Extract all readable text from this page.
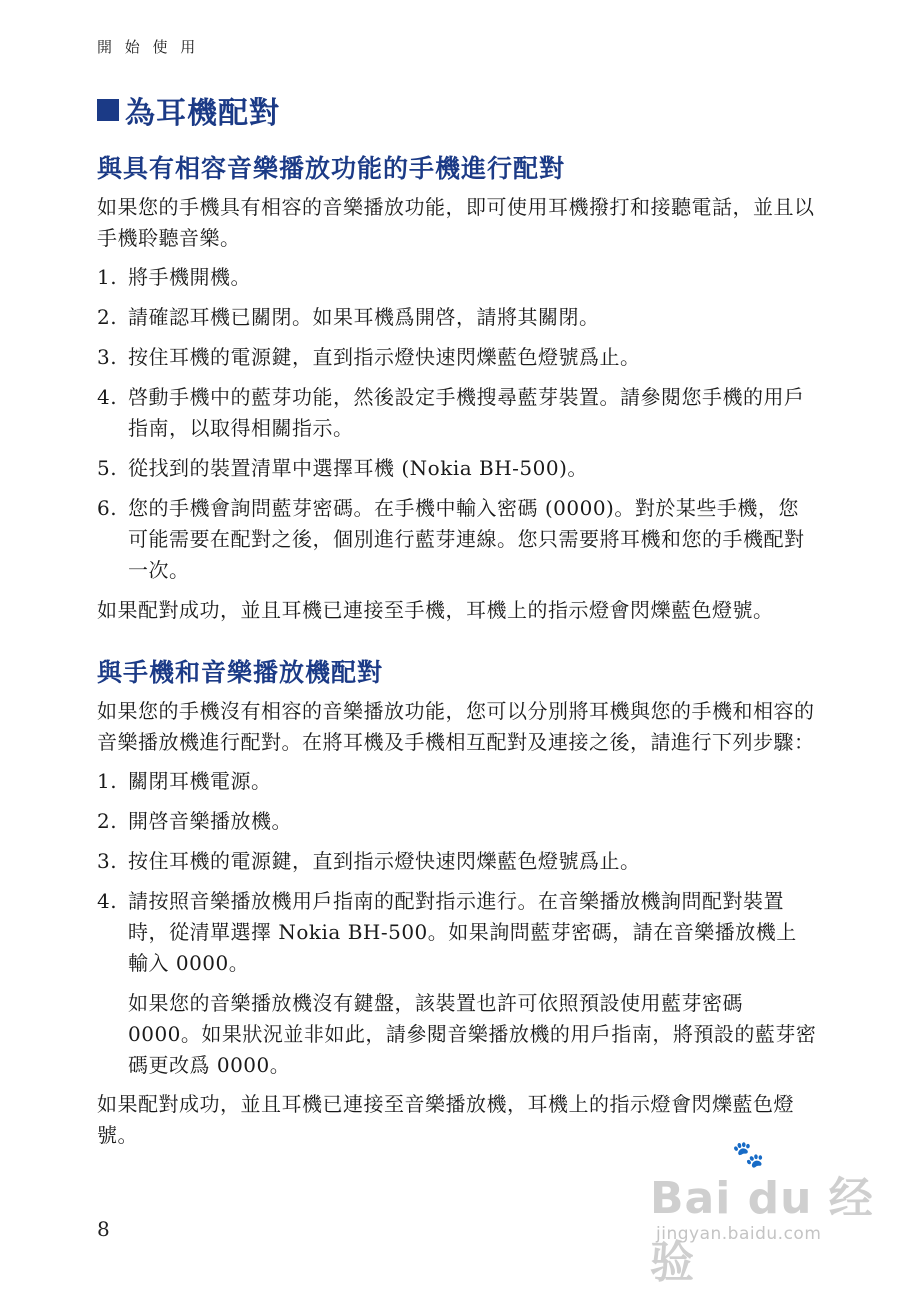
開 始 使 用
為耳機配對
與具有相容音樂播放功能的手機進行配對

如果您的手機具有相容的音樂播放功能，即可使用耳機撥打和接聽電話，並且以手機聆聽音樂。

1. 將手機開機。
2. 請確認耳機已關閉。如果耳機爲開啓，請將其關閉。
3. 按住耳機的電源鍵，直到指示燈快速閃爍藍色燈號爲止。
4. 啓動手機中的藍芽功能，然後設定手機搜尋藍芽裝置。請參閱您手機的用戶指南，以取得相關指示。
5. 從找到的裝置清單中選擇耳機 (Nokia BH-500)。
6. 您的手機會詢問藍芽密碼。在手機中輸入密碼 (0000)。對於某些手機，您可能需要在配對之後，個別進行藍芽連線。您只需要將耳機和您的手機配對一次。

如果配對成功，並且耳機已連接至手機，耳機上的指示燈會閃爍藍色燈號。

與手機和音樂播放機配對

如果您的手機沒有相容的音樂播放功能，您可以分別將耳機與您的手機和相容的音樂播放機進行配對。在將耳機及手機相互配對及連接之後，請進行下列步驟：

1. 關閉耳機電源。
2. 開啓音樂播放機。
3. 按住耳機的電源鍵，直到指示燈快速閃爍藍色燈號爲止。
4. 請按照音樂播放機用戶指南的配對指示進行。在音樂播放機詢問配對裝置時，從清單選擇 Nokia BH-500。如果詢問藍芽密碼，請在音樂播放機上輸入 0000。

如果您的音樂播放機沒有鍵盤，該裝置也許可依照預設使用藍芽密碼 0000。如果狀況並非如此，請參閱音樂播放機的用戶指南，將預設的藍芽密碼更改爲 0000。

如果配對成功，並且耳機已連接至音樂播放機，耳機上的指示燈會閃爍藍色燈號。

8
🐾
Bai du 经验
jingyan.baidu.com
